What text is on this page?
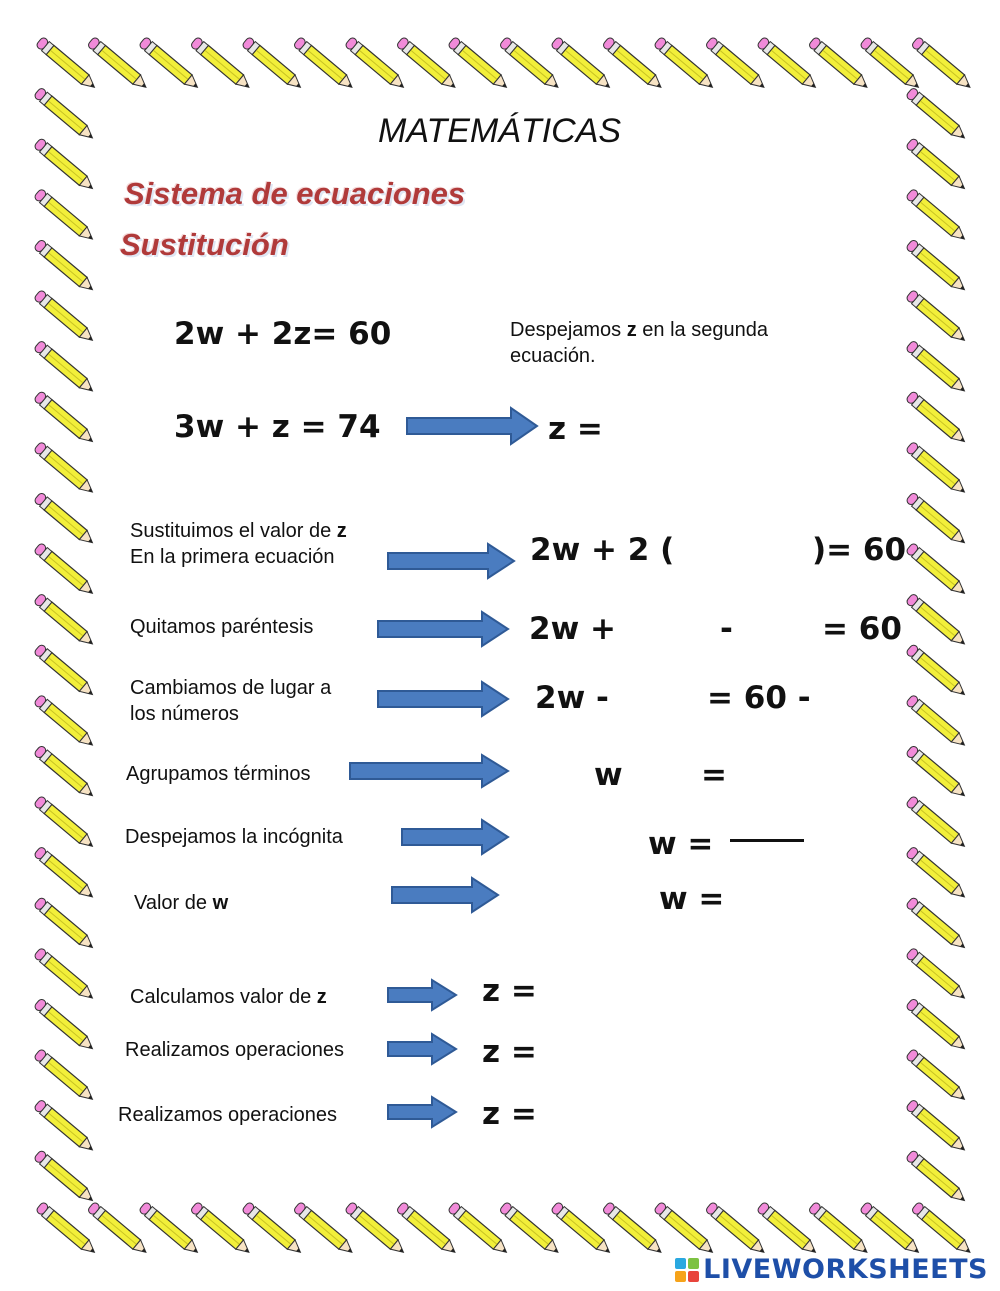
MATEMÁTICAS
Sistema de ecuaciones
Sustitución
2w + 2z= 60
3w + z = 74
Despejamos z en la segunda
ecuación.
z =
Sustituimos el valor de z
En la primera ecuación	2w + 2 (	)= 60
Quitamos paréntesis	2w +	-	= 60
Cambiamos de lugar a
los números	2w -	= 60 -
Agrupamos términos	w	=
Despejamos la incógnita	w =
Valor de w	w =
Calculamos valor de z	z =
Realizamos operaciones	z =
Realizamos operaciones	z =
LIVEWORKSHEETS
